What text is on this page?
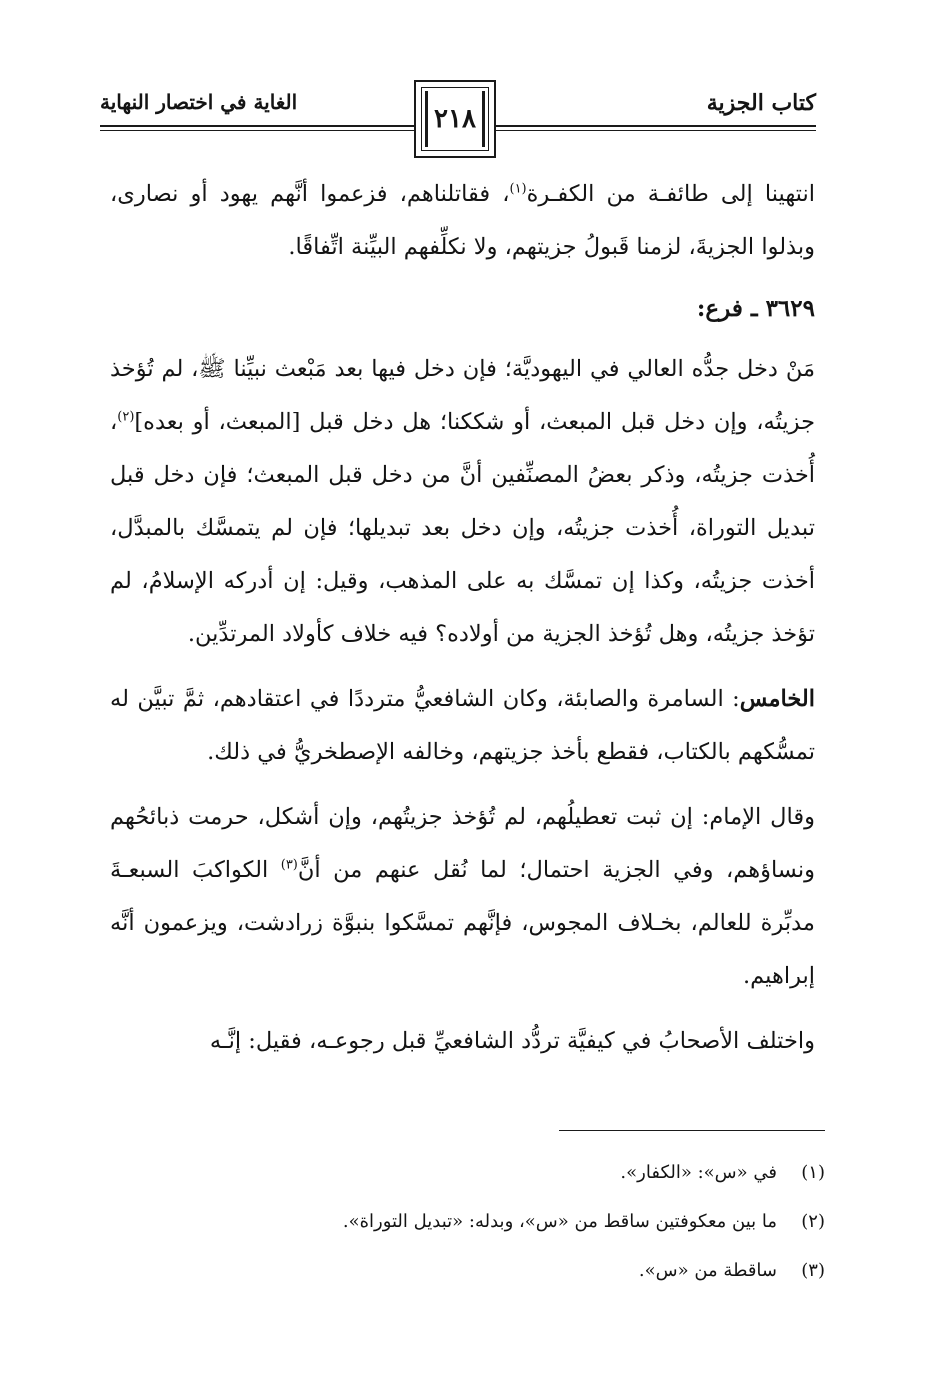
كتاب الجزية
الغاية في اختصار النهاية
٢١٨

انتهينا إلى طائفـة من الكفـرة$^{(١)}$، فقاتلناهم، فزعموا أنَّهم يهود أو نصارى، وبذلوا الجزيةَ، لزمنا قَبولُ جزيتهم، ولا نكلِّفهم البيِّنة اتِّفاقًا.

٣٦٢٩ ـ فرع:

مَنْ دخل جدُّه العالي في اليهوديَّة؛ فإن دخل فيها بعد مَبْعث نبيِّنا ﷺ، لم تُؤخذ جزيتُه، وإن دخل قبل المبعث، أو شككنا؛ هل دخل قبل [المبعث، أو بعده]$^{(٢)}$، أُخذت جزيتُه، وذكر بعضُ المصنِّفين أنَّ من دخل قبل المبعث؛ فإن دخل قبل تبديل التوراة، أُخذت جزيتُه، وإن دخل بعد تبديلها؛ فإن لم يتمسَّك بالمبدَّل، أخذت جزيتُه، وكذا إن تمسَّك به على المذهب، وقيل: إن أدركه الإسلامُ، لم تؤخذ جزيتُه، وهل تُؤخذ الجزية من أولاده؟ فيه خلاف كأولاد المرتدِّين.

الخامس: السامرة والصابئة، وكان الشافعيُّ مترددًا في اعتقادهم، ثمَّ تبيَّن له تمسُّكهم بالكتاب، فقطع بأخذ جزيتهم، وخالفه الإصطخريُّ في ذلك.

وقال الإمام: إن ثبت تعطيلُهم، لم تُؤخذ جزيتُهم، وإن أشكل، حرمت ذبائحُهم ونساؤهم، وفي الجزية احتمال؛ لما نُقل عنهم من أنَّ$^{(٣)}$ الكواكبَ السبعـةَ مدبِّرة للعالم، بخـلاف المجوس، فإنَّهم تمسَّكوا بنبوَّة زرادشت، ويزعمون أنَّه إبراهيم.

واختلف الأصحابُ في كيفيَّة تردُّد الشافعيِّ قبل رجوعـه، فقيل: إنَّـه

(١)
في «س»: «الكفار».
(٢)
ما بين معكوفتين ساقط من «س»، وبدله: «تبديل التوراة».
(٣)
ساقطة من «س».
